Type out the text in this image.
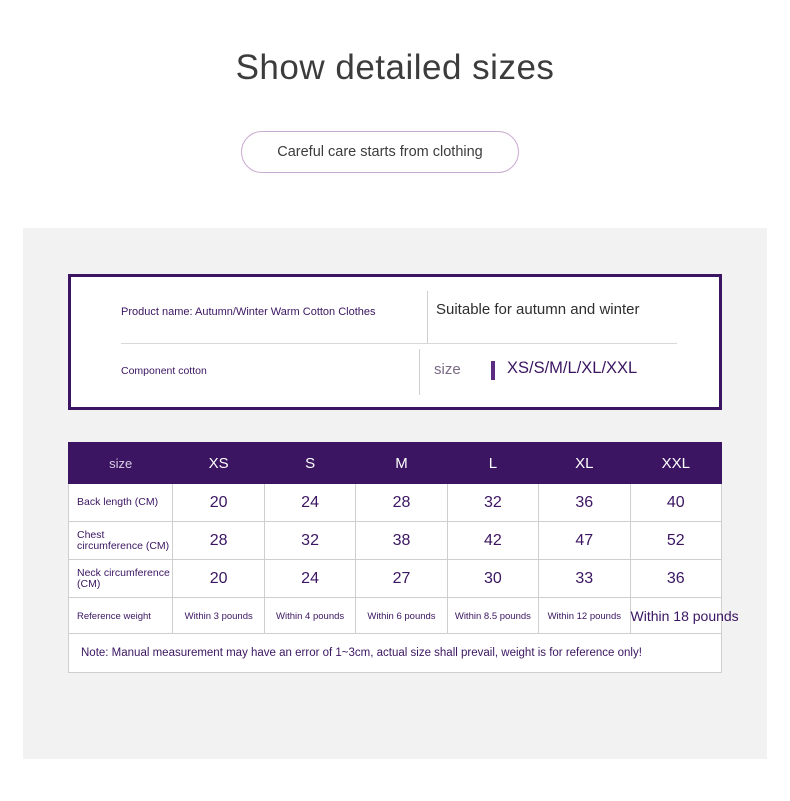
Show detailed sizes
Careful care starts from clothing
Product name: Autumn/Winter Warm Cotton Clothes	Suitable for autumn and winter
Component cotton	size	XS/S/M/L/XL/XXL
size	XS	S	M	L	XL	XXL
Back length (CM)	20	24	28	32	36	40
Chest circumference (CM)	28	32	38	42	47	52
Neck circumference (CM)	20	24	27	30	33	36
Reference weight	Within 3 pounds	Within 4 pounds	Within 6 pounds	Within 8.5 pounds	Within 12 pounds	Within 18 pounds
Note: Manual measurement may have an error of 1~3cm, actual size shall prevail, weight is for reference only!
